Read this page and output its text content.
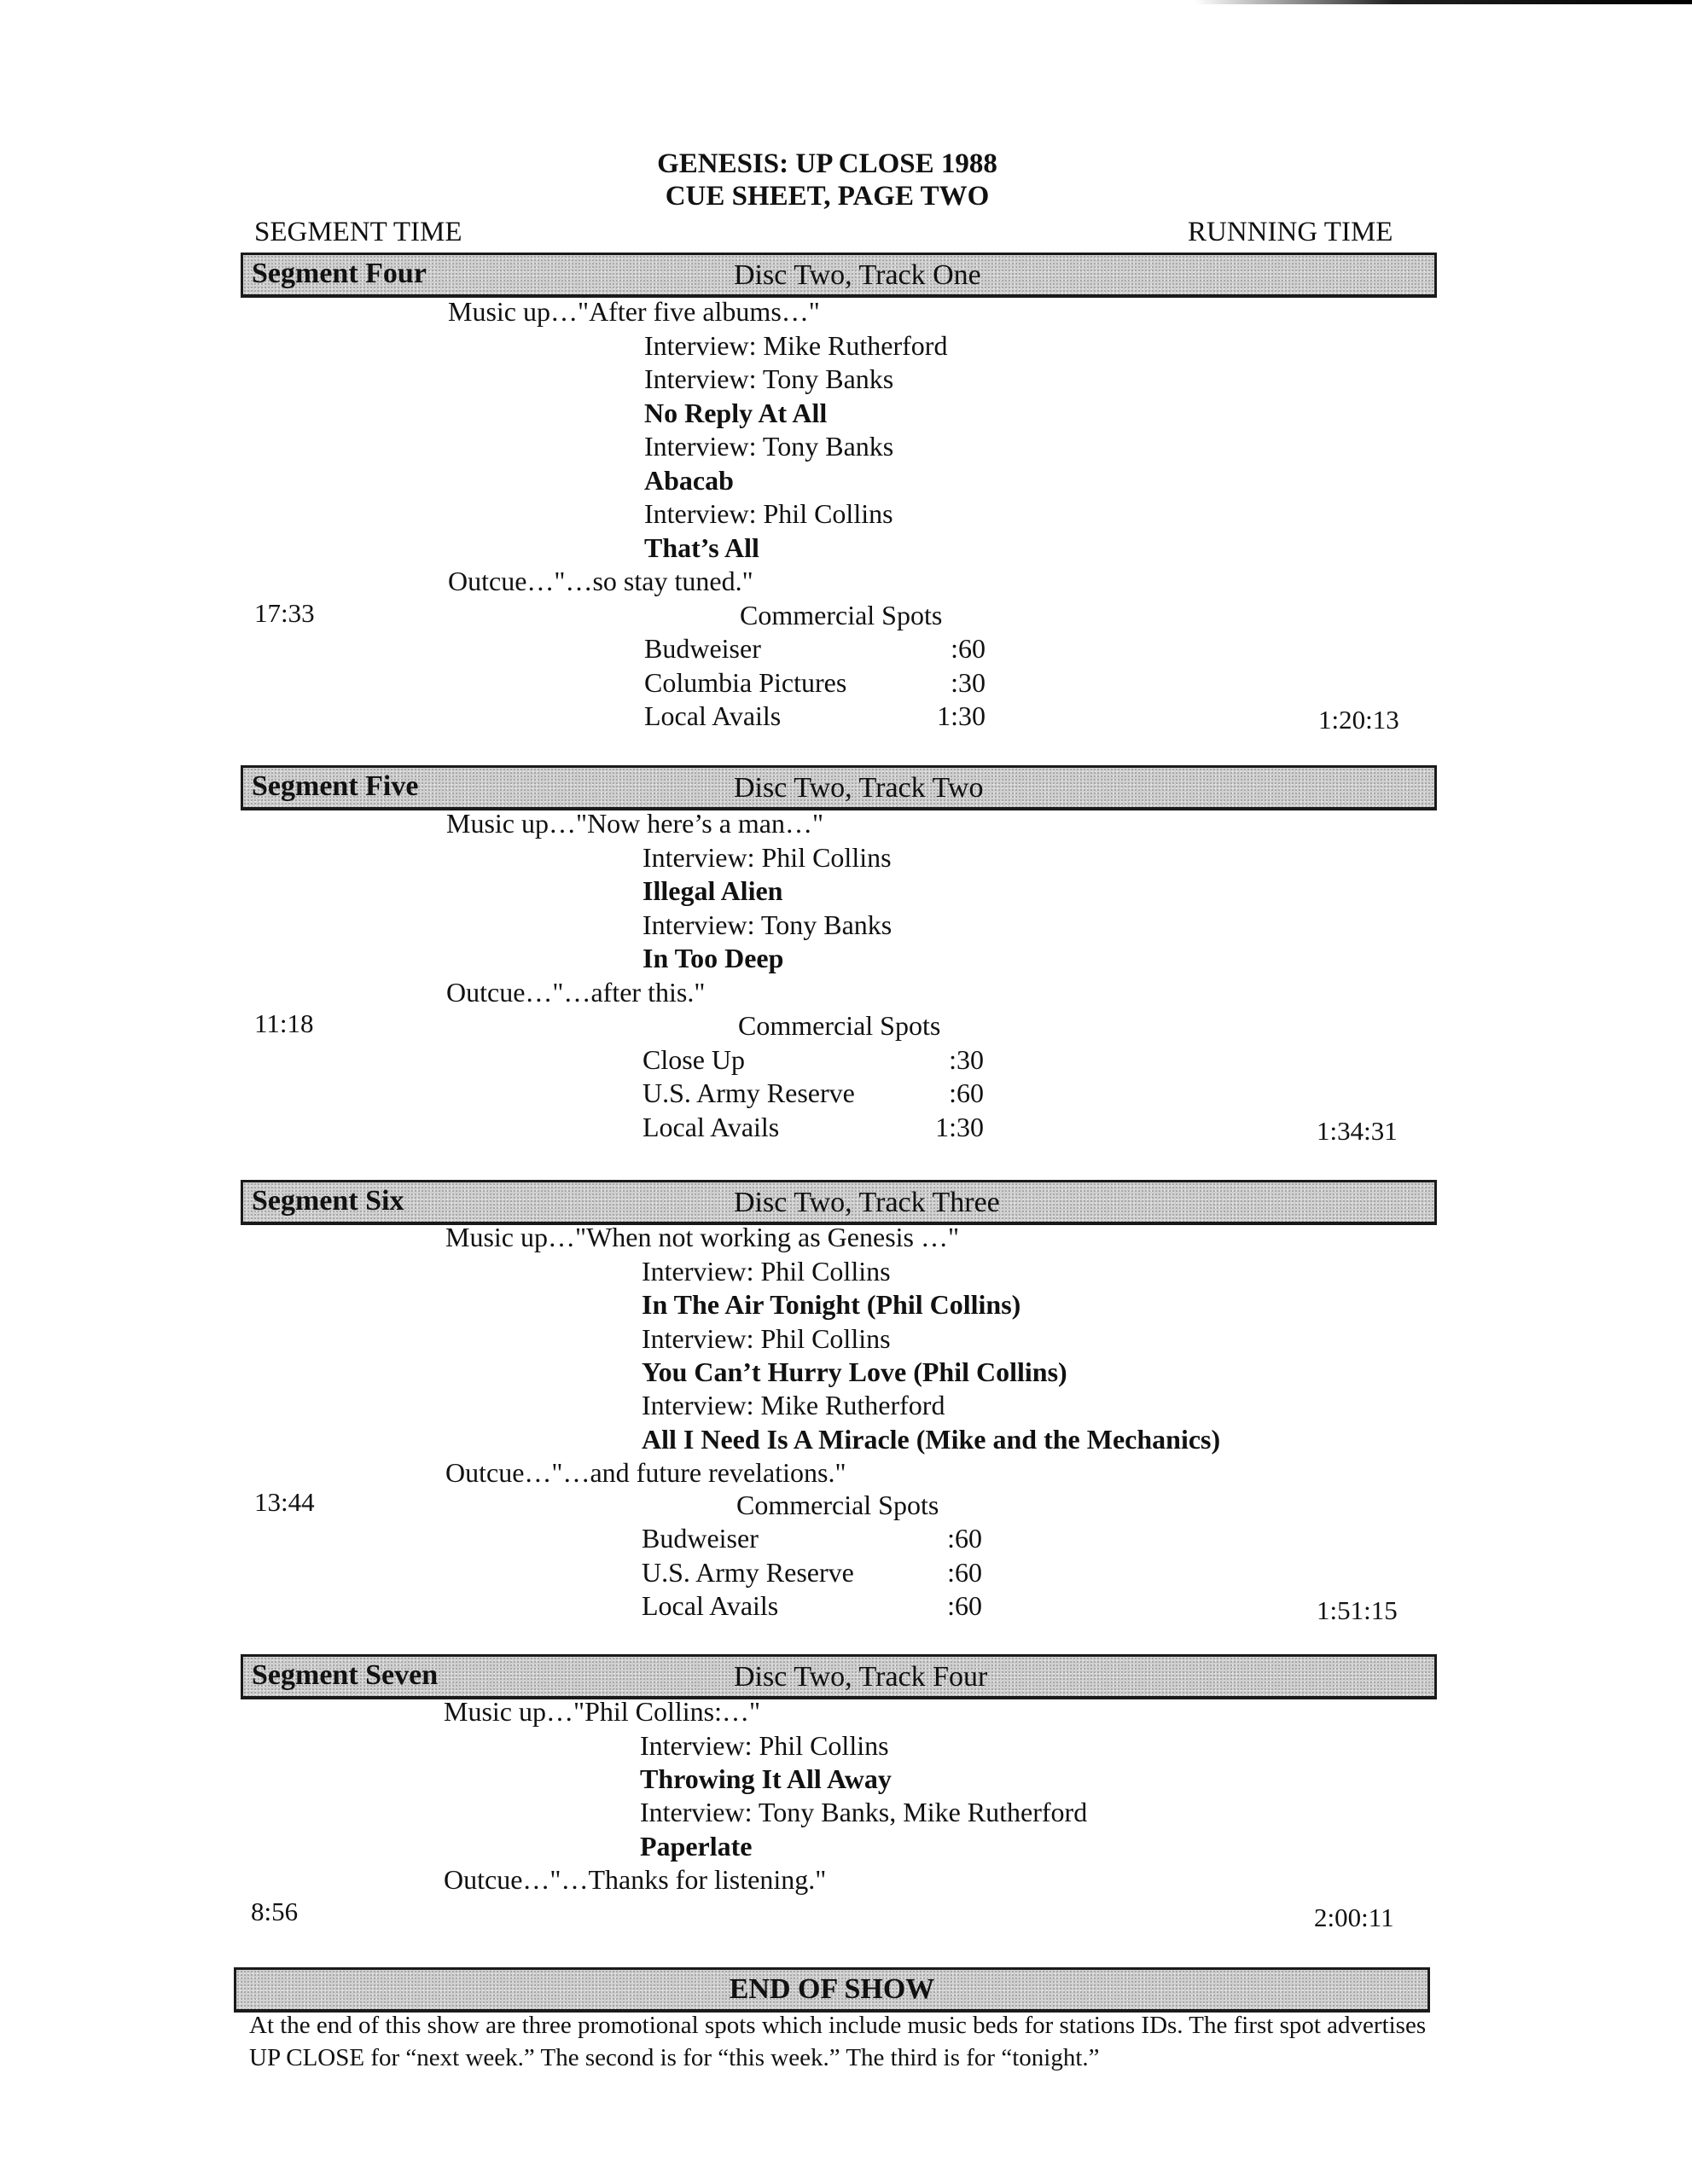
GENESIS: UP CLOSE 1988
CUE SHEET, PAGE TWO
SEGMENT TIME	RUNNING TIME
Segment Four	Disc Two, Track One
Music up…"After five albums…"
Interview: Mike Rutherford
Interview: Tony Banks
No Reply At All
Interview: Tony Banks
Abacab
Interview: Phil Collins
That’s All
Outcue…"…so stay tuned."
17:33	Commercial Spots
Budweiser	:60
Columbia Pictures	:30
Local Avails	1:30	1:20:13
Segment Five	Disc Two, Track Two
Music up…"Now here’s a man…"
Interview: Phil Collins
Illegal Alien
Interview: Tony Banks
In Too Deep
Outcue…"…after this."
11:18	Commercial Spots
Close Up	:30
U.S. Army Reserve	:60
Local Avails	1:30	1:34:31
Segment Six	Disc Two, Track Three
Music up…"When not working as Genesis …"
Interview: Phil Collins
In The Air Tonight (Phil Collins)
Interview: Phil Collins
You Can’t Hurry Love (Phil Collins)
Interview: Mike Rutherford
All I Need Is A Miracle (Mike and the Mechanics)
Outcue…"…and future revelations."
13:44	Commercial Spots
Budweiser	:60
U.S. Army Reserve	:60
Local Avails	:60	1:51:15
Segment Seven	Disc Two, Track Four
Music up…"Phil Collins:…"
Interview: Phil Collins
Throwing It All Away
Interview: Tony Banks, Mike Rutherford
Paperlate
Outcue…"…Thanks for listening."
8:56	2:00:11
END OF SHOW
At the end of this show are three promotional spots which include music beds for stations IDs. The first spot advertises UP CLOSE for “next week.” The second is for “this week.” The third is for “tonight.”
